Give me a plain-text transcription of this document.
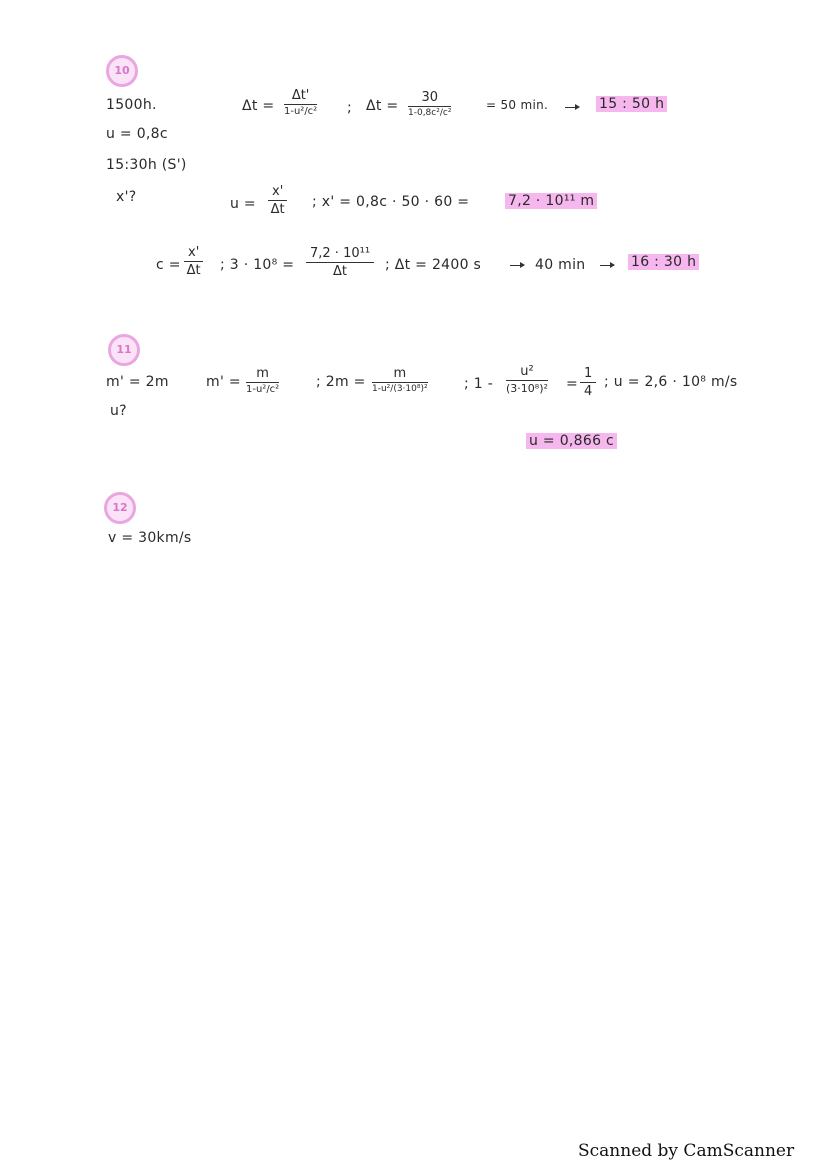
10
1500h.
u = 0,8c
15:30h (S')
x'?
Δt =
Δt'
1-u²/c² ; Δt =
30
1-0,8c²/c²
= 50 min.	15 : 50 h
$u = \frac{x'}{\Delta t}$ ; x' = 0,8c · 50 · 60 =	7,2 · 10¹¹ m
$c = \frac{x'}{\Delta t}$ ; $3 \cdot 10^8 = \frac{\text{7,2 · 10¹¹}}{\Delta t}$ ; Δt = 2400 s	40 min	16 : 30 h
11
m' = 2m
u?
m' =
m
1-u²/c²	; 2m =
m
1-u²/(3·10⁸)²	; 1 -
u²
$(3\cdot 10^8)^2 = \frac{1}{4}$ ; u = 2,6 · 10⁸ m/s
u = 0,866 c
12
v = 30km/s
Scanned by CamScanner
